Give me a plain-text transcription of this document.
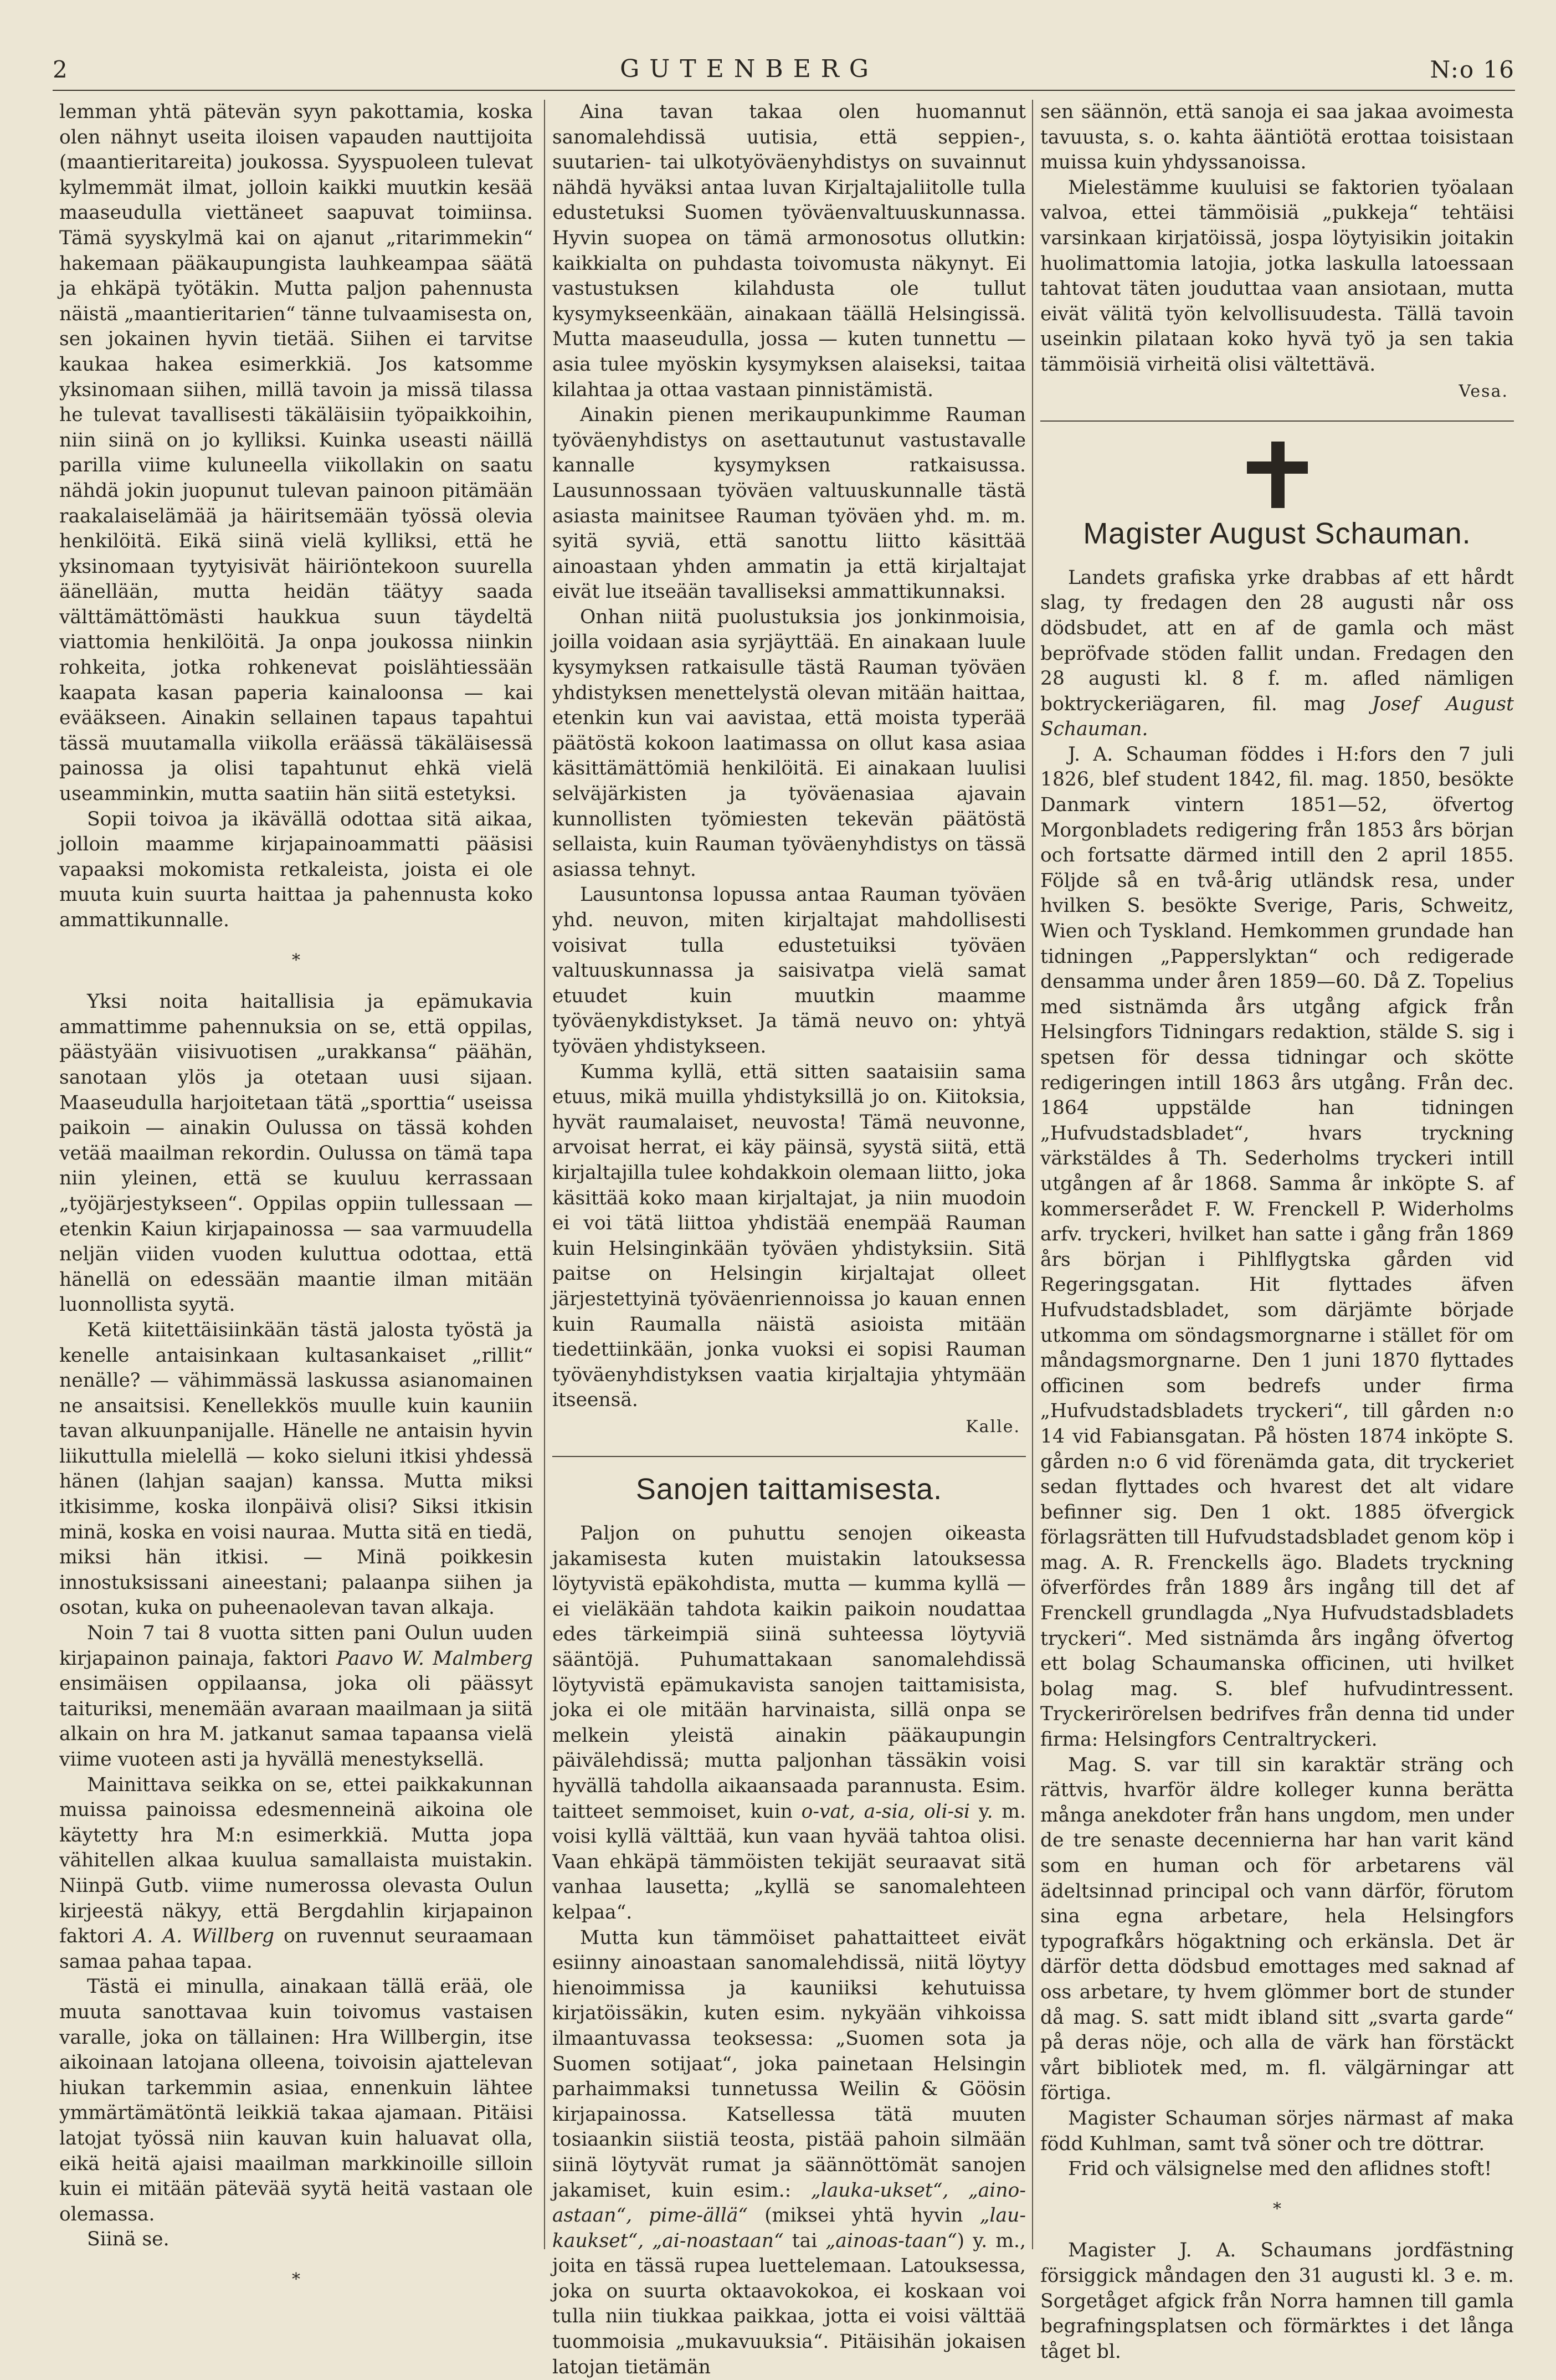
2	GUTENBERG	N:o 16

lemman yhtä pätevän syyn pakottamia, koska olen nähnyt useita iloisen vapauden nauttijoita (maantieritareita) joukossa. Syyspuoleen tulevat kylmemmät ilmat, jolloin kaikki muutkin kesää maaseudulla viettäneet saapuvat toimiinsa. Tämä syyskylmä kai on ajanut „ritarimmekin“ hakemaan pääkaupungista lauhkeampaa säätä ja ehkäpä työtäkin. Mutta paljon pahennusta näistä „maantieritarien“ tänne tulvaamisesta on, sen jokainen hyvin tietää. Siihen ei tarvitse kaukaa hakea esimerkkiä. Jos katsomme yksinomaan siihen, millä tavoin ja missä tilassa he tulevat tavallisesti täkäläisiin työpaikkoihin, niin siinä on jo kylliksi. Kuinka useasti näillä parilla viime kuluneella viikollakin on saatu nähdä jokin juopunut tulevan painoon pitämään raakalaiselämää ja häiritsemään työssä olevia henkilöitä. Eikä siinä vielä kylliksi, että he yksinomaan tyytyisivät häiriöntekoon suurella äänellään, mutta heidän täätyy saada välttämättömästi haukkua suun täydeltä viattomia henkilöitä. Ja onpa joukossa niinkin rohkeita, jotka rohkenevat poislähtiessään kaapata kasan paperia kainaloonsa — kai evääkseen. Ainakin sellainen tapaus tapahtui tässä muutamalla viikolla eräässä täkäläisessä painossa ja olisi tapahtunut ehkä vielä useamminkin, mutta saatiin hän siitä estetyksi.

Sopii toivoa ja ikävällä odottaa sitä aikaa, jolloin maamme kirjapainoammatti pääsisi vapaaksi mokomista retkaleista, joista ei ole muuta kuin suurta haittaa ja pahennusta koko ammattikunnalle.

*

Yksi noita haitallisia ja epämukavia ammattimme pahennuksia on se, että oppilas, päästyään viisivuotisen „urakkansa“ päähän, sanotaan ylös ja otetaan uusi sijaan. Maaseudulla harjoitetaan tätä „sporttia“ useissa paikoin — ainakin Oulussa on tässä kohden vetää maailman rekordin. Oulussa on tämä tapa niin yleinen, että se kuuluu kerrassaan „työjärjestykseen“. Oppilas oppiin tullessaan — etenkin Kaiun kirjapainossa — saa varmuudella neljän viiden vuoden kuluttua odottaa, että hänellä on edessään maantie ilman mitään luonnollista syytä.

Ketä kiitettäisiinkään tästä jalosta työstä ja kenelle antaisinkaan kultasankaiset „rillit“ nenälle? — vähimmässä laskussa asianomainen ne ansaitsisi. Kenellekkös muulle kuin kauniin tavan alkuunpanijalle. Hänelle ne antaisin hyvin liikuttulla mielellä — koko sieluni itkisi yhdessä hänen (lahjan saajan) kanssa. Mutta miksi itkisimme, koska ilonpäivä olisi? Siksi itkisin minä, koska en voisi nauraa. Mutta sitä en tiedä, miksi hän itkisi. — Minä poikkesin innostuksissani aineestani; palaanpa siihen ja osotan, kuka on puheenaolevan tavan alkaja.

Noin 7 tai 8 vuotta sitten pani Oulun uuden kirjapainon painaja, faktori Paavo W. Malmberg ensimäisen oppilaansa, joka oli päässyt taituriksi, menemään avaraan maailmaan ja siitä alkain on hra M. jatkanut samaa tapaansa vielä viime vuoteen asti ja hyvällä menestyksellä.

Mainittava seikka on se, ettei paikkakunnan muissa painoissa edesmenneinä aikoina ole käytetty hra M:n esimerkkiä. Mutta jopa vähitellen alkaa kuulua samallaista muistakin. Niinpä Gutb. viime numerossa olevasta Oulun kirjeestä näkyy, että Bergdahlin kirjapainon faktori A. A. Willberg on ruvennut seuraamaan samaa pahaa tapaa.

Tästä ei minulla, ainakaan tällä erää, ole muuta sanottavaa kuin toivomus vastaisen varalle, joka on tällainen: Hra Willbergin, itse aikoinaan latojana olleena, toivoisin ajattelevan hiukan tarkemmin asiaa, ennenkuin lähtee ymmärtämätöntä leikkiä takaa ajamaan. Pitäisi latojat työssä niin kauvan kuin haluavat olla, eikä heitä ajaisi maailman markkinoille silloin kuin ei mitään pätevää syytä heitä vastaan ole olemassa.

Siinä se.

*

Aina tavan takaa olen huomannut sanomalehdissä uutisia, että seppien-, suutarien- tai ulkotyöväenyhdistys on suvainnut nähdä hyväksi antaa luvan Kirjaltajaliitolle tulla edustetuksi Suomen työväenvaltuuskunnassa. Hyvin suopea on tämä armonosotus ollutkin: kaikkialta on puhdasta toivomusta näkynyt. Ei vastustuksen kilahdusta ole tullut kysymykseenkään, ainakaan täällä Helsingissä. Mutta maaseudulla, jossa — kuten tunnettu — asia tulee myöskin kysymyksen alaiseksi, taitaa kilahtaa ja ottaa vastaan pinnistämistä.

Ainakin pienen merikaupunkimme Rauman työväenyhdistys on asettautunut vastustavalle kannalle kysymyksen ratkaisussa. Lausunnossaan työväen valtuuskunnalle tästä asiasta mainitsee Rauman työväen yhd. m. m. syitä syviä, että sanottu liitto käsittää ainoastaan yhden ammatin ja että kirjaltajat eivät lue itseään tavalliseksi ammattikunnaksi.

Onhan niitä puolustuksia jos jonkinmoisia, joilla voidaan asia syrjäyttää. En ainakaan luule kysymyksen ratkaisulle tästä Rauman työväen yhdistyksen menettelystä olevan mitään haittaa, etenkin kun vai aavistaa, että moista typerää päätöstä kokoon laatimassa on ollut kasa asiaa käsittämättömiä henkilöitä. Ei ainakaan luulisi selväjärkisten ja työväenasiaa ajavain kunnollisten työmiesten tekevän päätöstä sellaista, kuin Rauman työväenyhdistys on tässä asiassa tehnyt.

Lausuntonsa lopussa antaa Rauman työväen yhd. neuvon, miten kirjaltajat mahdollisesti voisivat tulla edustetuiksi työväen valtuuskunnassa ja saisivatpa vielä samat etuudet kuin muutkin maamme työväenykdistykset. Ja tämä neuvo on: yhtyä työväen yhdistykseen.

Kumma kyllä, että sitten saataisiin sama etuus, mikä muilla yhdistyksillä jo on. Kiitoksia, hyvät raumalaiset, neuvosta! Tämä neuvonne, arvoisat herrat, ei käy päinsä, syystä siitä, että kirjaltajilla tulee kohdakkoin olemaan liitto, joka käsittää koko maan kirjaltajat, ja niin muodoin ei voi tätä liittoa yhdistää enempää Rauman kuin Helsinginkään työväen yhdistyksiin. Sitä paitse on Helsingin kirjaltajat olleet järjestettyinä työväenriennoissa jo kauan ennen kuin Raumalla näistä asioista mitään tiedettiinkään, jonka vuoksi ei sopisi Rauman työväenyhdistyksen vaatia kirjaltajia yhtymään itseensä.

Kalle.
Sanojen taittamisesta.

Paljon on puhuttu senojen oikeasta jakamisesta kuten muistakin latouksessa löytyvistä epäkohdista, mutta — kumma kyllä — ei vieläkään tahdota kaikin paikoin noudattaa edes tärkeimpiä siinä suhteessa löytyviä sääntöjä. Puhumattakaan sanomalehdissä löytyvistä epämukavista sanojen taittamisista, joka ei ole mitään harvinaista, sillä onpa se melkein yleistä ainakin pääkaupungin päivälehdissä; mutta paljonhan tässäkin voisi hyvällä tahdolla aikaansaada parannusta. Esim. taitteet semmoiset, kuin o-vat, a-sia, oli-si y. m. voisi kyllä välttää, kun vaan hyvää tahtoa olisi. Vaan ehkäpä tämmöisten tekijät seuraavat sitä vanhaa lausetta; „kyllä se sanomalehteen kelpaa“.

Mutta kun tämmöiset pahattaitteet eivät esiinny ainoastaan sanomalehdissä, niitä löytyy hienoimmissa ja kauniiksi kehutuissa kirjatöissäkin, kuten esim. nykyään vihkoissa ilmaantuvassa teoksessa: „Suomen sota ja Suomen sotijaat“, joka painetaan Helsingin parhaimmaksi tunnetussa Weilin & Göösin kirjapainossa. Katsellessa tätä muuten tosiaankin siistiä teosta, pistää pahoin silmään siinä löytyvät rumat ja säännöttömät sanojen jakamiset, kuin esim.: „lauka-ukset“, „aino-astaan“, pime-ällä“ (miksei yhtä hyvin „lau-kaukset“, „ai-noastaan“ tai „ainoas-taan“) y. m., joita en tässä rupea luettelemaan. Latouksessa, joka on suurta oktaavokokoa, ei koskaan voi tulla niin tiukkaa paikkaa, jotta ei voisi välttää tuommoisia „mukavuuksia“. Pitäisihän jokaisen latojan tietämän

sen säännön, että sanoja ei saa jakaa avoimesta tavuusta, s. o. kahta ääntiötä erottaa toisistaan muissa kuin yhdyssanoissa.

Mielestämme kuuluisi se faktorien työalaan valvoa, ettei tämmöisiä „pukkeja“ tehtäisi varsinkaan kirjatöissä, jospa löytyisikin joitakin huolimattomia latojia, jotka laskulla latoessaan tahtovat täten jouduttaa vaan ansiotaan, mutta eivät välitä työn kelvollisuudesta. Tällä tavoin useinkin pilataan koko hyvä työ ja sen takia tämmöisiä virheitä olisi vältettävä.

Vesa.
Magister August Schauman.

Landets grafiska yrke drabbas af ett hårdt slag, ty fredagen den 28 augusti når oss dödsbudet, att en af de gamla och mäst bepröfvade stöden fallit undan. Fredagen den 28 augusti kl. 8 f. m. afled nämligen boktryckeriägaren, fil. mag Josef August Schauman.

J. A. Schauman föddes i H:fors den 7 juli 1826, blef student 1842, fil. mag. 1850, besökte Danmark vintern 1851—52, öfvertog Morgonbladets redigering från 1853 års början och fortsatte därmed intill den 2 april 1855. Följde så en två-årig utländsk resa, under hvilken S. besökte Sverige, Paris, Schweitz, Wien och Tyskland. Hemkommen grundade han tidningen „Papperslyktan“ och redigerade densamma under åren 1859—60. Då Z. Topelius med sistnämda års utgång afgick från Helsingfors Tidningars redaktion, stälde S. sig i spetsen för dessa tidningar och skötte redigeringen intill 1863 års utgång. Från dec. 1864 uppstälde han tidningen „Hufvudstadsbladet“, hvars tryckning värkstäldes å Th. Sederholms tryckeri intill utgången af år 1868. Samma år inköpte S. af kommerserådet F. W. Frenckell P. Widerholms arfv. tryckeri, hvilket han satte i gång från 1869 års början i Pihlflygtska gården vid Regeringsgatan. Hit flyttades äfven Hufvudstadsbladet, som därjämte började utkomma om söndagsmorgnarne i stället för om måndagsmorgnarne. Den 1 juni 1870 flyttades officinen som bedrefs under firma „Hufvudstadsbladets tryckeri“, till gården n:o 14 vid Fabiansgatan. På hösten 1874 inköpte S. gården n:o 6 vid förenämda gata, dit tryckeriet sedan flyttades och hvarest det alt vidare befinner sig. Den 1 okt. 1885 öfvergick förlagsrätten till Hufvudstadsbladet genom köp i mag. A. R. Frenckells ägo. Bladets tryckning öfverfördes från 1889 års ingång till det af Frenckell grundlagda „Nya Hufvudstadsbladets tryckeri“. Med sistnämda års ingång öfvertog ett bolag Schaumanska officinen, uti hvilket bolag mag. S. blef hufvudintressent. Tryckerirörelsen bedrifves från denna tid under firma: Helsingfors Centraltryckeri.

Mag. S. var till sin karaktär sträng och rättvis, hvarför äldre kolleger kunna berätta många anekdoter från hans ungdom, men under de tre senaste decennierna har han varit känd som en human och för arbetarens väl ädeltsinnad principal och vann därför, förutom sina egna arbetare, hela Helsingfors typografkårs högaktning och erkänsla. Det är därför detta dödsbud emottages med saknad af oss arbetare, ty hvem glömmer bort de stunder då mag. S. satt midt ibland sitt „svarta garde“ på deras nöje, och alla de värk han förstäckt vårt bibliotek med, m. fl. välgärningar att förtiga.

Magister Schauman sörjes närmast af maka född Kuhlman, samt två söner och tre döttrar.

Frid och välsignelse med den aflidnes stoft!

*

Magister J. A. Schaumans jordfästning försiggick måndagen den 31 augusti kl. 3 e. m. Sorgetåget afgick från Norra hamnen till gamla begrafningsplatsen och förmärktes i det långa tåget bl.
